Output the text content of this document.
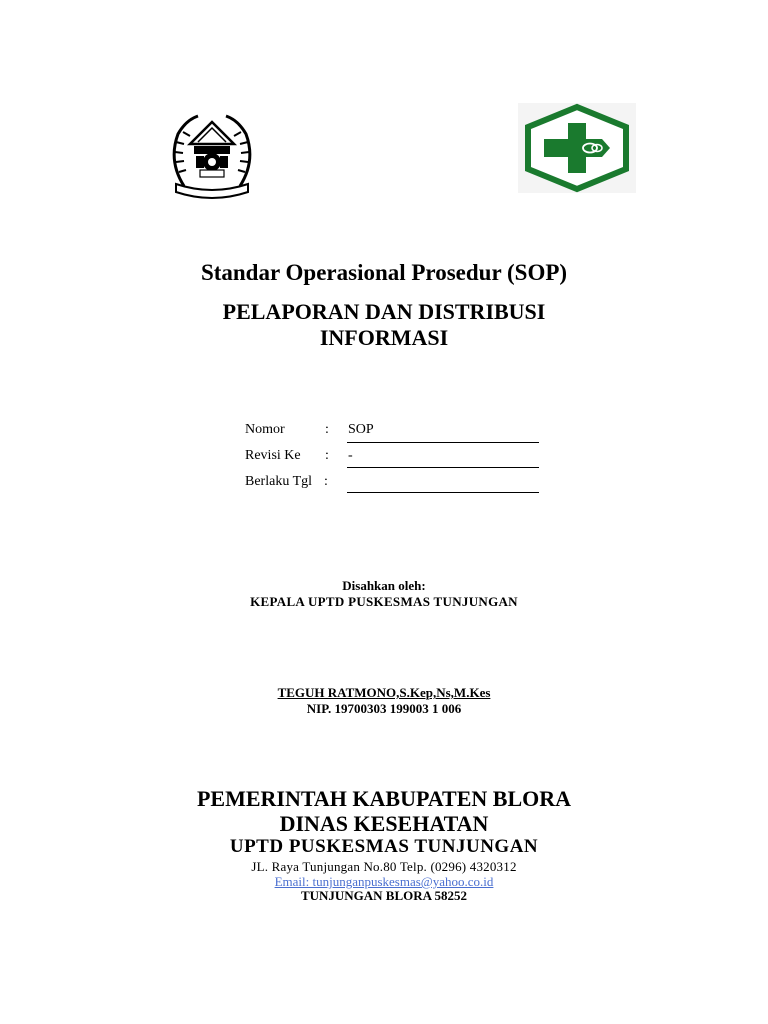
Standar Operasional Prosedur (SOP)
PELAPORAN DAN DISTRIBUSI
INFORMASI
Nomor	: SOP
Revisi Ke : -
Berlaku Tgl :
Disahkan oleh:
KEPALA UPTD PUSKESMAS TUNJUNGAN
TEGUH RATMONO,S.Kep,Ns,M.Kes
NIP. 19700303 199003 1 006
PEMERINTAH KABUPATEN BLORA
DINAS KESEHATAN
UPTD PUSKESMAS TUNJUNGAN
JL. Raya Tunjungan No.80 Telp. (0296) 4320312
Email: tunjunganpuskesmas@yahoo.co.id
TUNJUNGAN BLORA 58252
